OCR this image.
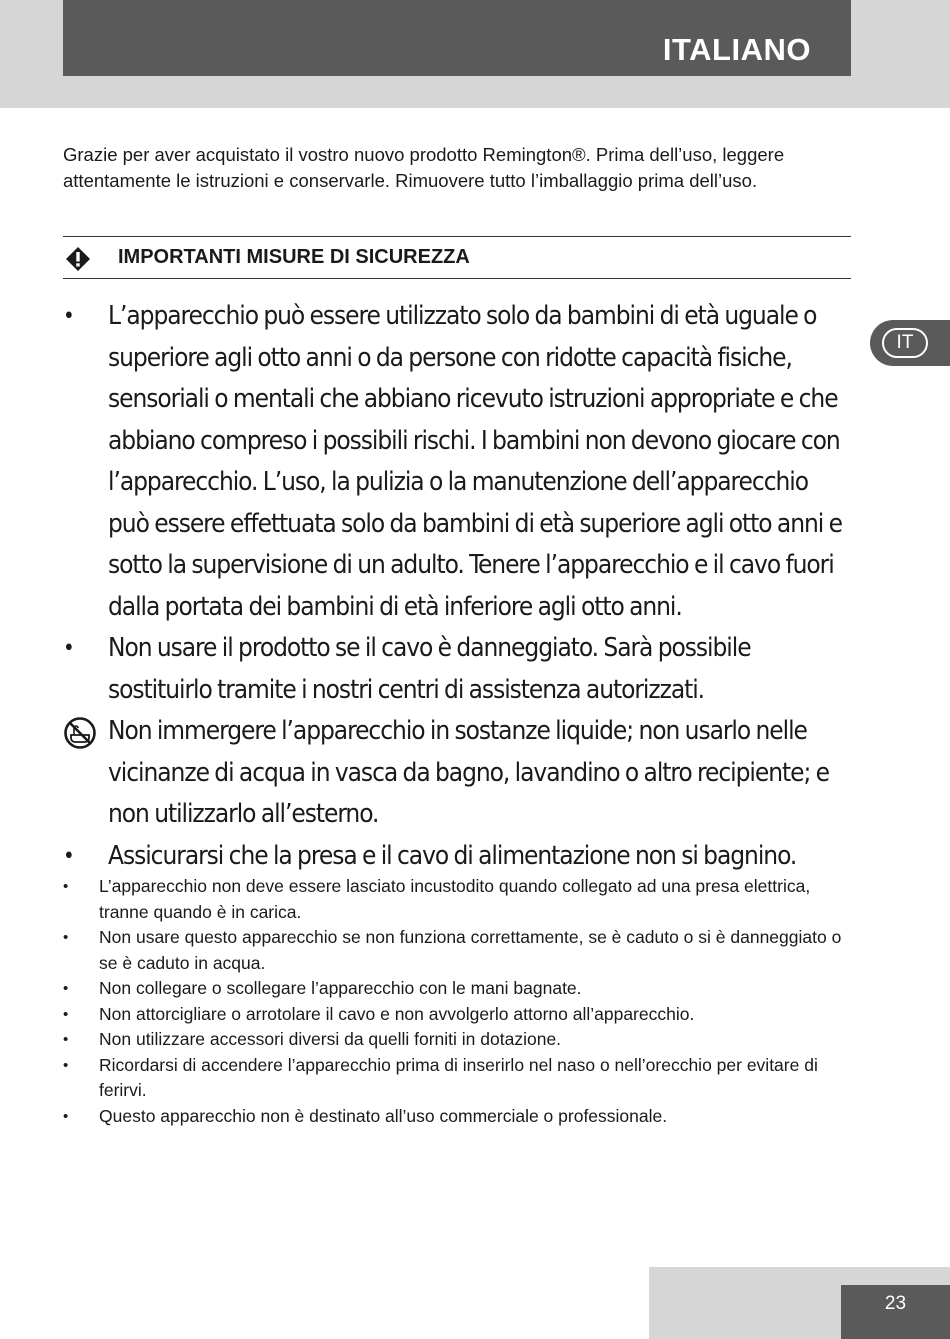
ITALIANO
IT

Grazie per aver acquistato il vostro nuovo prodotto Remington®. Prima dell’uso, leggere attentamente le istruzioni e conservarle. Rimuovere tutto l’imballaggio prima dell’uso.

IMPORTANTI MISURE DI SICUREZZA
• L’apparecchio può essere utilizzato solo da bambini di età uguale o superiore agli otto anni o da persone con ridotte capacità fisiche, sensoriali o mentali che abbiano ricevuto istruzioni appropriate e che abbiano compreso i possibili rischi. I bambini non devono giocare con l’apparecchio. L’uso, la pulizia o la manutenzione dell’apparecchio può essere effettuata solo da bambini di età superiore agli otto anni e sotto la supervisione di un adulto. Tenere l’apparecchio e il cavo fuori dalla portata dei bambini di età inferiore agli otto anni.
• Non usare il prodotto se il cavo è danneggiato. Sarà possibile sostituirlo tramite i nostri centri di assistenza autorizzati.
Non immergere l’apparecchio in sostanze liquide; non usarlo nelle vicinanze di acqua in vasca da bagno, lavandino o altro recipiente; e non utilizzarlo all’esterno.
• Assicurarsi che la presa e il cavo di alimentazione non si bagnino.
• L’apparecchio non deve essere lasciato incustodito quando collegato ad una presa elettrica, tranne quando è in carica.
• Non usare questo apparecchio se non funziona correttamente, se è caduto o si è danneggiato o se è caduto in acqua.
• Non collegare o scollegare l’apparecchio con le mani bagnate.
• Non attorcigliare o arrotolare il cavo e non avvolgerlo attorno all’apparecchio.
• Non utilizzare accessori diversi da quelli forniti in dotazione.
• Ricordarsi di accendere l’apparecchio prima di inserirlo nel naso o nell’orecchio per evitare di ferirvi.
• Questo apparecchio non è destinato all’uso commerciale o professionale.
23
